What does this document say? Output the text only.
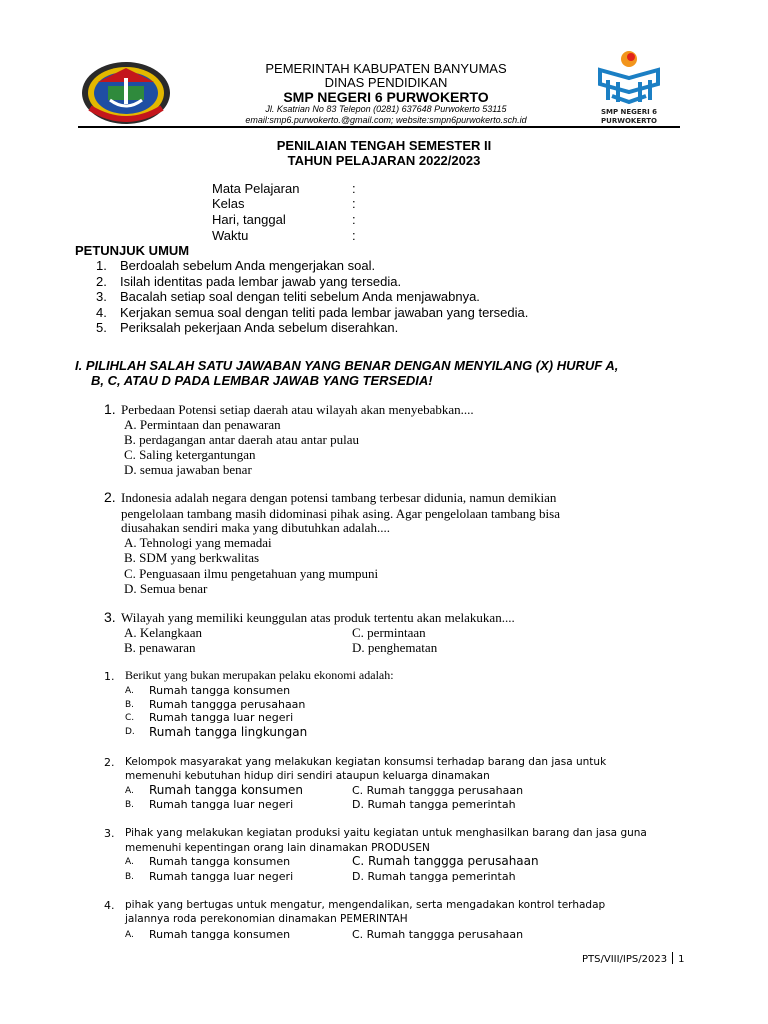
SMP NEGERI 6
PURWOKERTO
PEMERINTAH KABUPATEN BANYUMAS
DINAS PENDIDIKAN
SMP NEGERI 6 PURWOKERTO
Jl. Ksatrian No 83 Telepon (0281) 637648 Purwokerto 53115
email:smp6.purwokerto.@gmail.com; website:smpn6purwokerto.sch.id
PENILAIAN TENGAH SEMESTER II
TAHUN PELAJARAN 2022/2023
Mata Pelajaran	:
Kelas	:
Hari, tanggal	:
Waktu	:
PETUNJUK UMUM
1. Berdoalah sebelum Anda mengerjakan soal.
2. Isilah identitas pada lembar jawab yang tersedia.
3. Bacalah setiap soal dengan teliti sebelum Anda menjawabnya.
4. Kerjakan semua soal dengan teliti pada lembar jawaban yang tersedia.
5. Periksalah pekerjaan Anda sebelum diserahkan.
I. PILIHLAH SALAH SATU JAWABAN YANG BENAR DENGAN MENYILANG (X) HURUF A,
B, C, ATAU D PADA LEMBAR JAWAB YANG TERSEDIA!
1. Perbedaan Potensi setiap daerah atau wilayah akan menyebabkan....
A. Permintaan dan penawaran
B. perdagangan antar daerah atau antar pulau
C. Saling ketergantungan
D. semua jawaban benar
2. Indonesia adalah negara dengan potensi tambang terbesar didunia, namun demikian
pengelolaan tambang masih didominasi pihak asing. Agar pengelolaan tambang bisa
diusahakan sendiri maka yang dibutuhkan adalah....
A. Tehnologi yang memadai
B. SDM yang berkwalitas
C. Penguasaan ilmu pengetahuan yang mumpuni
D. Semua benar
3. Wilayah yang memiliki keunggulan atas produk tertentu akan melakukan....
A. Kelangkaan	C. permintaan
B. penawaran	D. penghematan
1. Berikut yang bukan merupakan pelaku ekonomi adalah:
A. Rumah tangga konsumen
B. Rumah tanggga perusahaan
C. Rumah tangga luar negeri
D. Rumah tangga lingkungan
2. Kelompok masyarakat yang melakukan kegiatan konsumsi terhadap barang dan jasa untuk
memenuhi kebutuhan hidup diri sendiri ataupun keluarga dinamakan
A. Rumah tangga konsumen	C. Rumah tanggga perusahaan
B. Rumah tangga luar negeri	D. Rumah tangga pemerintah
3. Pihak yang melakukan kegiatan produksi yaitu kegiatan untuk menghasilkan barang dan jasa guna
memenuhi kepentingan orang lain dinamakan PRODUSEN
A. Rumah tangga konsumen	C. Rumah tanggga perusahaan
B. Rumah tangga luar negeri	D. Rumah tangga pemerintah
4. pihak yang bertugas untuk mengatur, mengendalikan, serta mengadakan kontrol terhadap
jalannya roda perekonomian dinamakan PEMERINTAH
A. Rumah tangga konsumen	C. Rumah tanggga perusahaan
PTS/VIII/IPS/2023 1
